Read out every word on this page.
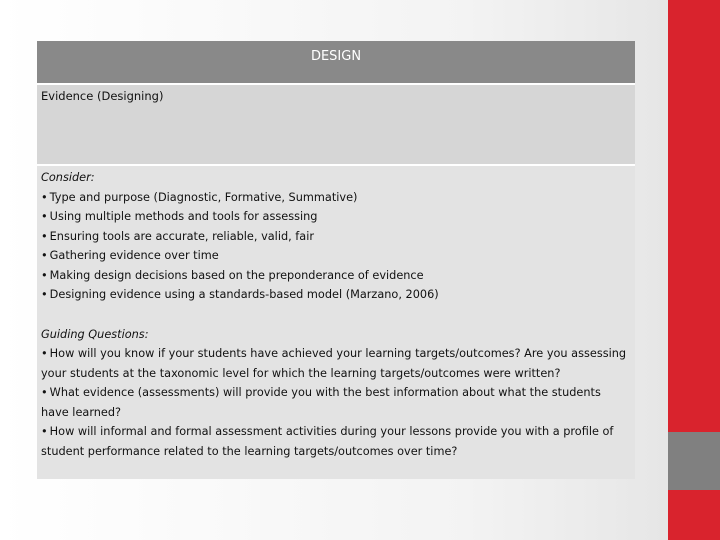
DESIGN
Evidence (Designing)
Consider:
• Type and purpose (Diagnostic, Formative, Summative)
• Using multiple methods and tools for assessing
• Ensuring tools are accurate, reliable, valid, fair
• Gathering evidence over time
• Making design decisions based on the preponderance of evidence
• Designing evidence using a standards-based model (Marzano, 2006)
Guiding Questions:
• How will you know if your students have achieved your learning targets/outcomes? Are you assessing
your students at the taxonomic level for which the learning targets/outcomes were written?
• What evidence (assessments) will provide you with the best information about what the students
have learned?
• How will informal and formal assessment activities during your lessons provide you with a profile of
student performance related to the learning targets/outcomes over time?
